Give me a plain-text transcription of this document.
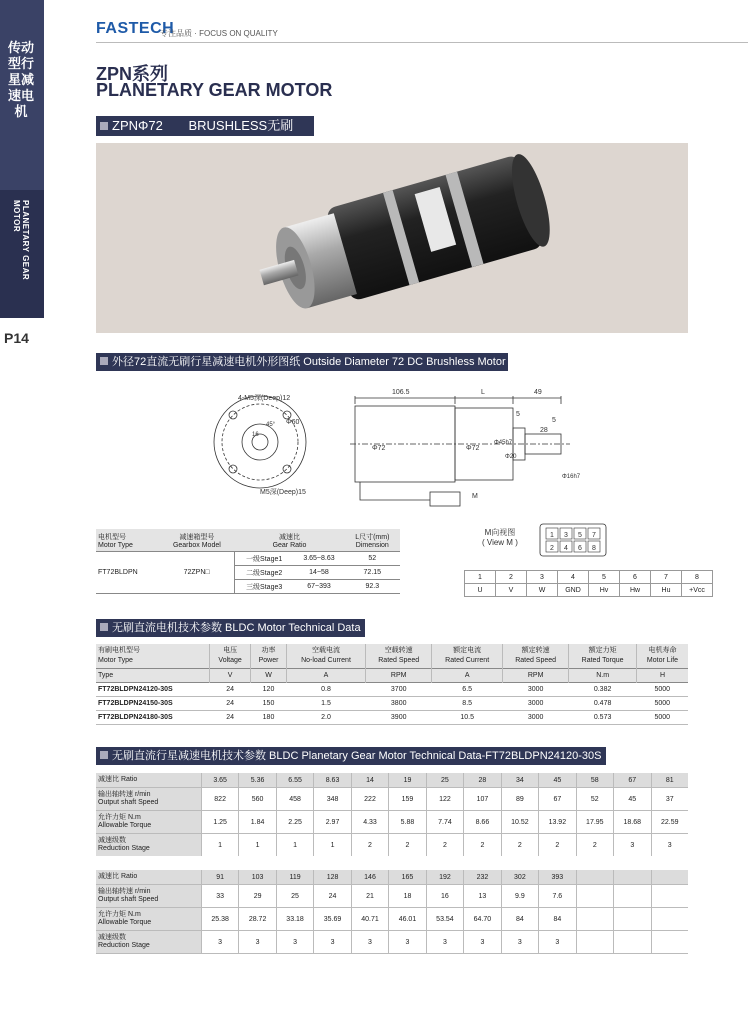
传动型行星减速电机
PLANETARY GEAR MOTOR
P14
FASTECH
专注品质 · FOCUS ON QUALITY
ZPN系列
PLANETARY GEAR MOTOR
ZPNΦ72 BRUSHLESS无刷
外径72直流无刷行星减速电机外形图纸 Outside Diameter 72 DC Brushless Motor
4-M5深(Deep)12
Φ60
16
45°
M5深(Deep)15
106.5	L	49
Φ72	Φ72
Φ45h7
Φ20
5
5
28
Φ16h7
M
电机型号
Motor Type	减速箱型号
Gearbox Model	减速比
Gear Ratio		L尺寸(mm)
Dimension
FT72BLDPN	72ZPN□	一级Stage1	3.65~8.63	52
		二级Stage2	14~58	72.15
		三级Stage3	67~393	92.3
M向视图
( View M )
1 3 5 7
2 4 6 8
1	2	3	4	5	6	7	8
U	V	W	GND	Hv	Hw	Hu	+Vcc
无刷直流电机技术参数 BLDC Motor Technical Data
有刷电机型号
Motor Type	电压
Voltage	功率
Power	空载电流
No-load Current	空载转速
Rated Speed	额定电流
Rated Current	额定转速
Rated Speed	额定力矩
Rated Torque	电机寿命
Motor Life
Type	V	W	A	RPM	A	RPM	N.m	H
FT72BLDPN24120-30S	24	120	0.8	3700	6.5	3000	0.382	5000
FT72BLDPN24150-30S	24	150	1.5	3800	8.5	3000	0.478	5000
FT72BLDPN24180-30S	24	180	2.0	3900	10.5	3000	0.573	5000
无刷直流行星减速电机技术参数 BLDC Planetary Gear Motor Technical Data-FT72BLDPN24120-30S
减速比 Ratio	3.65	5.36	6.55	8.63	14	19	25	28	34	45	58	67	81
输出轴转速 r/min
Output shaft Speed	822	560	458	348	222	159	122	107	89	67	52	45	37
允许力矩 N.m
Allowable Torque	1.25	1.84	2.25	2.97	4.33	5.88	7.74	8.66	10.52	13.92	17.95	18.68	22.59
减速级数
Reduction Stage	1	1	1	1	2	2	2	2	2	2	2	3	3
减速比 Ratio	91	103	119	128	146	165	192	232	302	393			
输出轴转速 r/min
Output shaft Speed	33	29	25	24	21	18	16	13	9.9	7.6			
允许力矩 N.m
Allowable Torque	25.38	28.72	33.18	35.69	40.71	46.01	53.54	64.70	84	84			
减速级数
Reduction Stage	3	3	3	3	3	3	3	3	3	3			
